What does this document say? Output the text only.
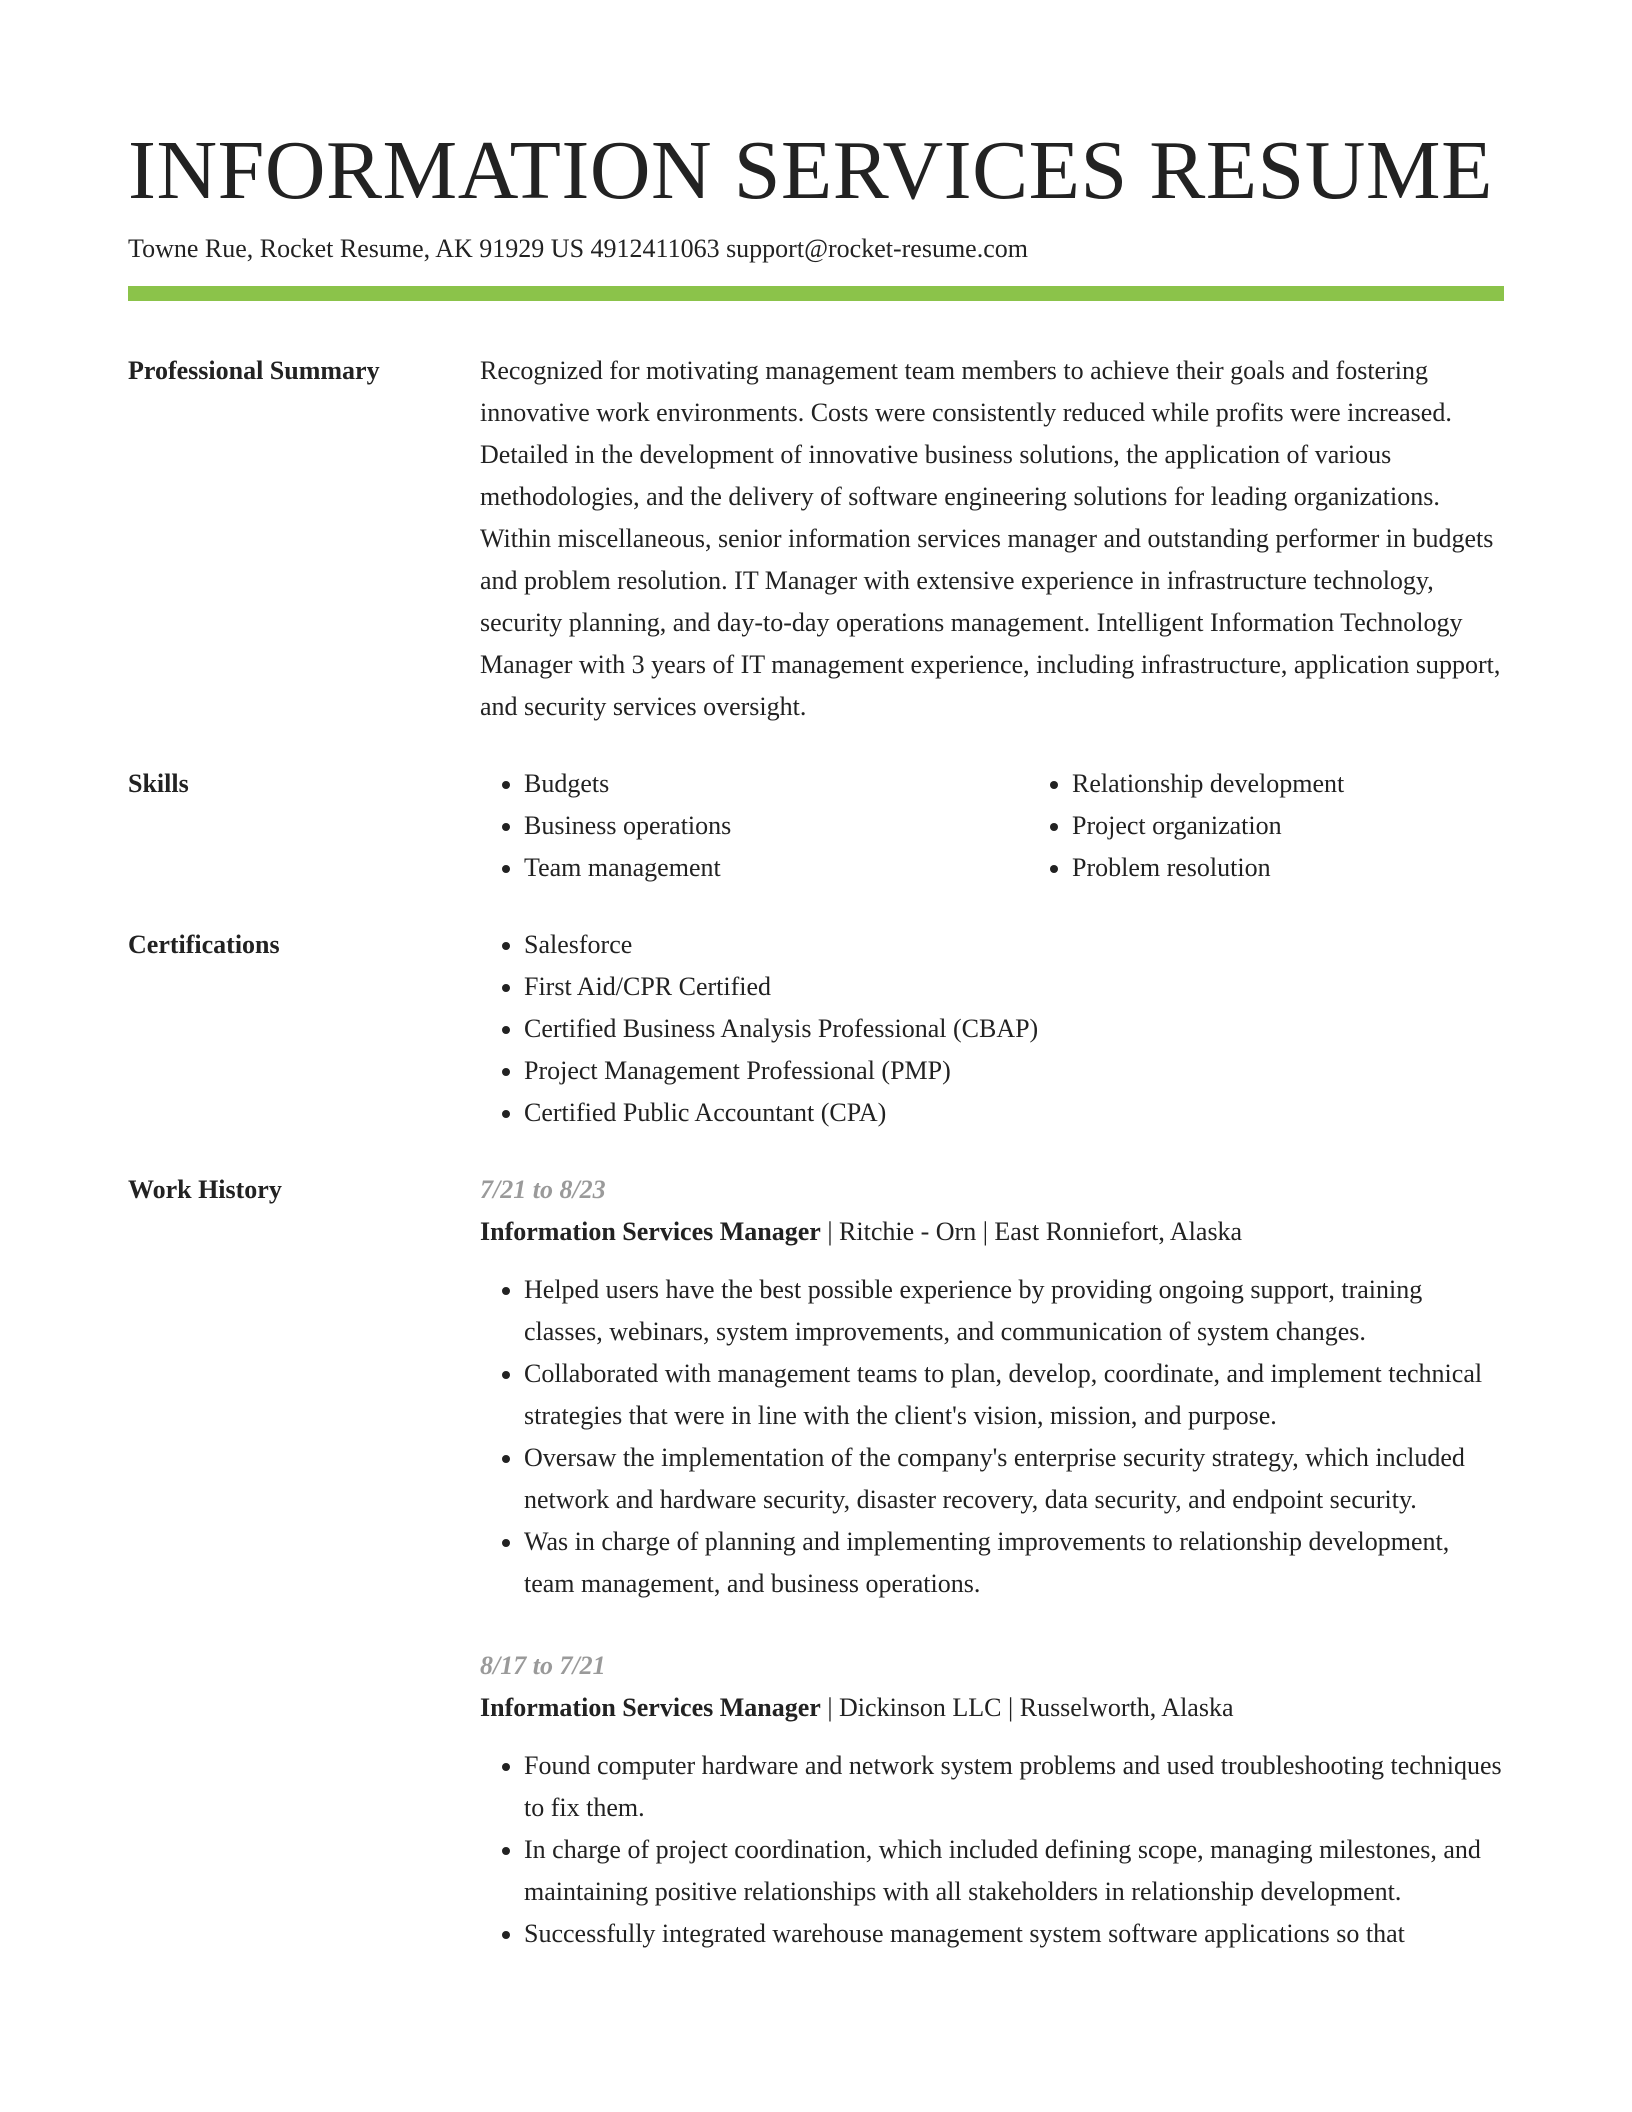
INFORMATION SERVICES RESUME
Towne Rue, Rocket Resume, AK 91929 US 4912411063 support@rocket-resume.com
Professional Summary	Recognized for motivating management team members to achieve their goals and fostering innovative work environments. Costs were consistently reduced while profits were increased. Detailed in the development of innovative business solutions, the application of various methodologies, and the delivery of software engineering solutions for leading organizations. Within miscellaneous, senior information services manager and outstanding performer in budgets and problem resolution. IT Manager with extensive experience in infrastructure technology, security planning, and day-to-day operations management. Intelligent Information Technology Manager with 3 years of IT management experience, including infrastructure, application support, and security services oversight.

Skills	• Budgets
• Business operations
• Team management
• Relationship development
• Project organization
• Problem resolution
Certifications	• Salesforce
• First Aid/CPR Certified
• Certified Business Analysis Professional (CBAP)
• Project Management Professional (PMP)
• Certified Public Accountant (CPA)
Work History	7/21 to 8/23
Information Services Manager | Ritchie - Orn | East Ronniefort, Alaska
• Helped users have the best possible experience by providing ongoing support, training classes, webinars, system improvements, and communication of system changes.
• Collaborated with management teams to plan, develop, coordinate, and implement technical strategies that were in line with the client's vision, mission, and purpose.
• Oversaw the implementation of the company's enterprise security strategy, which included network and hardware security, disaster recovery, data security, and endpoint security.
• Was in charge of planning and implementing improvements to relationship development, team management, and business operations.
8/17 to 7/21
Information Services Manager | Dickinson LLC | Russelworth, Alaska
• Found computer hardware and network system problems and used troubleshooting techniques to fix them.
• In charge of project coordination, which included defining scope, managing milestones, and maintaining positive relationships with all stakeholders in relationship development.
• Successfully integrated warehouse management system software applications so that
